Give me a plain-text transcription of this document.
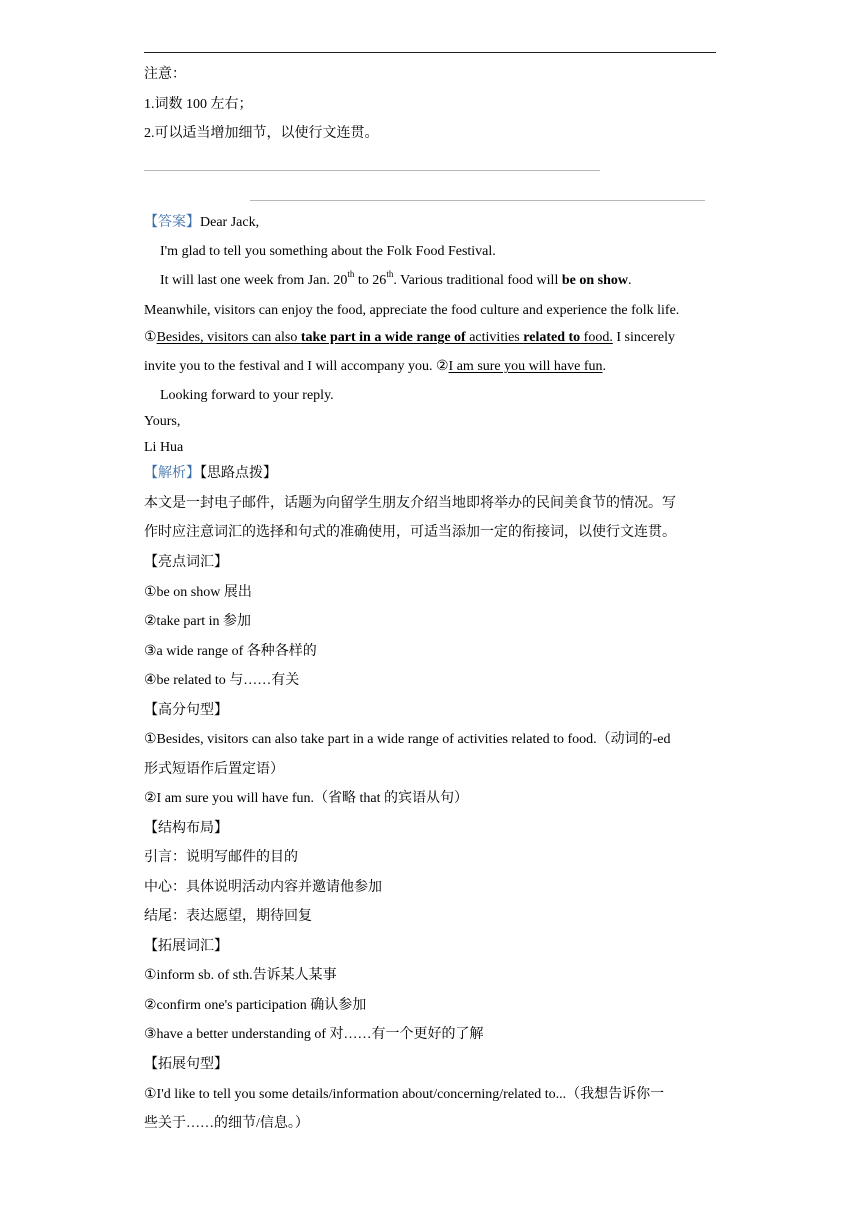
注意：
1.词数 100 左右；
2.可以适当增加细节，以使行文连贯。
【答案】Dear Jack,
I'm glad to tell you something about the Folk Food Festival.
It will last one week from Jan. 20th to 26th. Various traditional food will be on show.
Meanwhile, visitors can enjoy the food, appreciate the food culture and experience the folk life.
①Besides, visitors can also take part in a wide range of activities related to food. I sincerely
invite you to the festival and I will accompany you. ②I am sure you will have fun.
Looking forward to your reply.
Yours,
Li Hua
【解析】【思路点拨】
本文是一封电子邮件，话题为向留学生朋友介绍当地即将举办的民间美食节的情况。写
作时应注意词汇的选择和句式的准确使用，可适当添加一定的衔接词，以使行文连贯。
【亮点词汇】
①be on show 展出
②take part in 参加
③a wide range of 各种各样的
④be related to 与……有关
【高分句型】
①Besides, visitors can also take part in a wide range of activities related to food.（动词的-ed
形式短语作后置定语）
②I am sure you will have fun.（省略 that 的宾语从句）
【结构布局】
引言：说明写邮件的目的
中心：具体说明活动内容并邀请他参加
结尾：表达愿望，期待回复
【拓展词汇】
①inform sb. of sth.告诉某人某事
②confirm one's participation 确认参加
③have a better understanding of 对……有一个更好的了解
【拓展句型】
①I'd like to tell you some details/information about/concerning/related to...（我想告诉你一
些关于……的细节/信息。）
